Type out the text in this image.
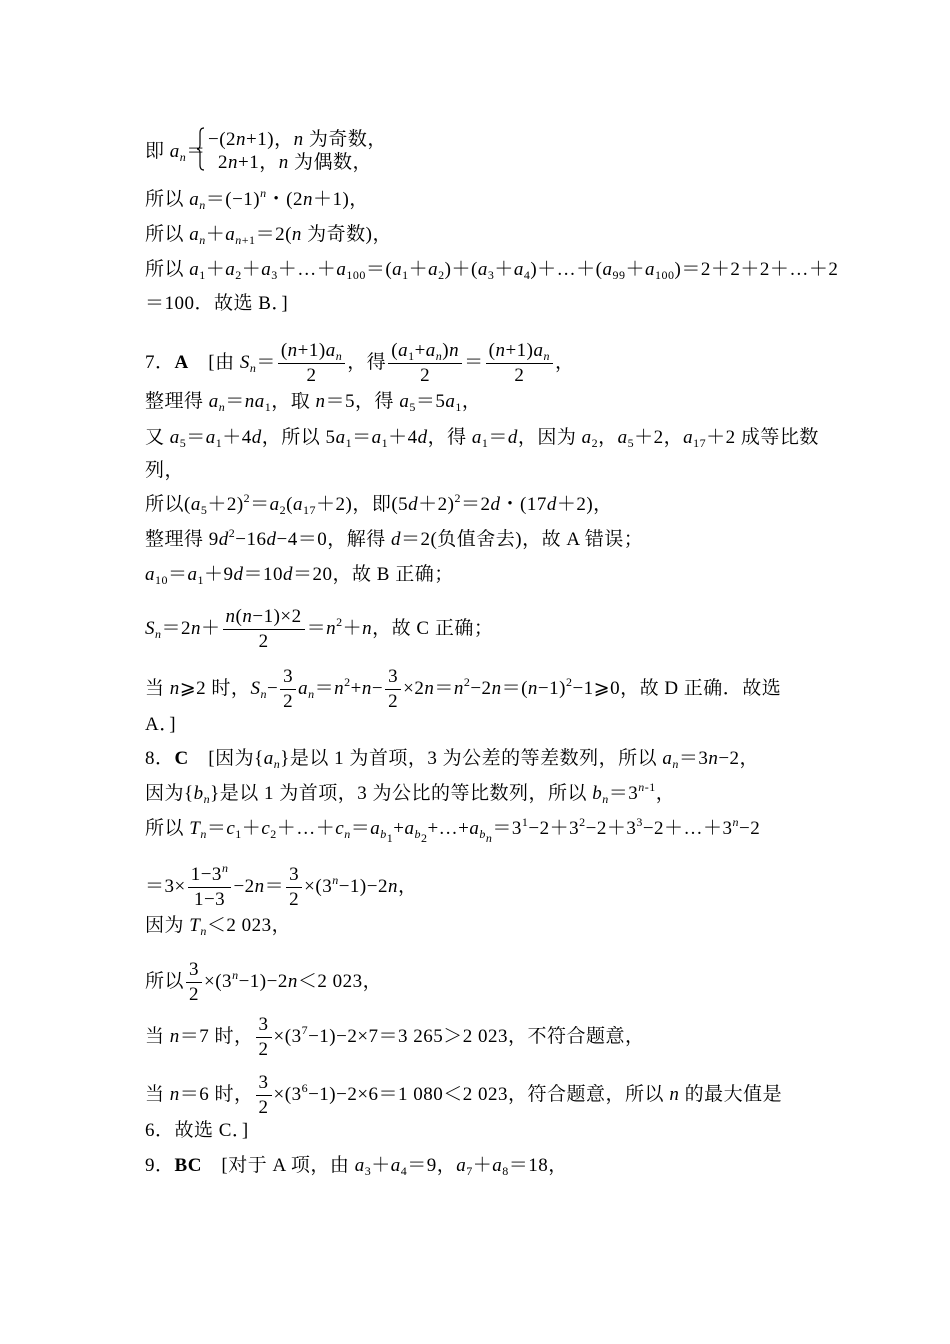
即 $a_n=$
−(2n+1)，n 为奇数，
2n+1，n 为偶数，
所以 $a_n=(-1)^n$・(2n＋1)，
所以 $a_n+a_{n+1}=2(n$ 为奇数)，
所以 $a_1+a_2+a_3+\dots+a_{100}=(a_1+a_2)+(a_3+a_4)+\dots+(a_{99}+a_{100})=2+2+2+\dots+2$
＝100．故选 B．]
7．A　[由 $S_n= \frac{(n+1)a_n}{2}$ ，得 $\frac{(a_1+a_n)n}{2} = \frac{(n+1)a_n}{2}$ ，
整理得 $a_n=na_1$，取 n＝5，得 $a_5=5a_1$，
又 $a_5=a_1+4d$，所以 $5a_1=a_1+4d$，得 $a_1=d$，因为 $a_2$，$a_5+2$，$a_{17}+2$ 成等比数
列，
所以$(a_5+2)^2=a_2(a_{17}+2)$，即$(5d+2)^2=2d$・(17d＋2)，
整理得 $9d^2-16d-4=0$，解得 d＝2(负值舍去)，故 A 错误；
$a_{10}=a_1+9d=10d=20$，故 B 正确；
$S_n=2n+ \frac{n(n-1)\times 2}{2} =n^2+n$，故 C 正确；
当 n⩾2 时，$S_n- \frac{3}{2} a_n=n^2+n- \frac{3}{2}$ $\times 2n=n^2-2n=(n-1)^2-1⩾0$，故 D 正确．故选
A．]
8．C　[因为$\{a_n\}$是以 1 为首项，3 为公差的等差数列，所以 $a_n=3n-2$，
因为$\{b_n\}$是以 1 为首项，3 为公比的等比数列，所以 $b_n=3^{n-1}$，
所以 $T_n=c_1+c_2+\dots+c_n=a_{b_1}+a_{b_2}+\dots+a_{b_n}=3^1-2+3^2-2+3^3-2+\dots+3^n-2$
$=3\times \frac{1-3^n}{1-3} -2n= \frac{3}{2} \times(3^n-1)-2n$，
因为 $T_n<2$ 023，
所以 $\frac{3}{2} \times(3^n-1)-2n<2$ 023，
当 n＝7 时， $\frac{3}{2} \times(3^7-1)-2\times 7=3$ 265＞2 023，不符合题意，
当 n＝6 时， $\frac{3}{2} \times(3^6-1)-2\times 6=1$ 080＜2 023，符合题意，所以 n 的最大值是
6．故选 C．]
9．BC　[对于 A 项，由 $a_3+a_4=9$，$a_7+a_8=18$，
